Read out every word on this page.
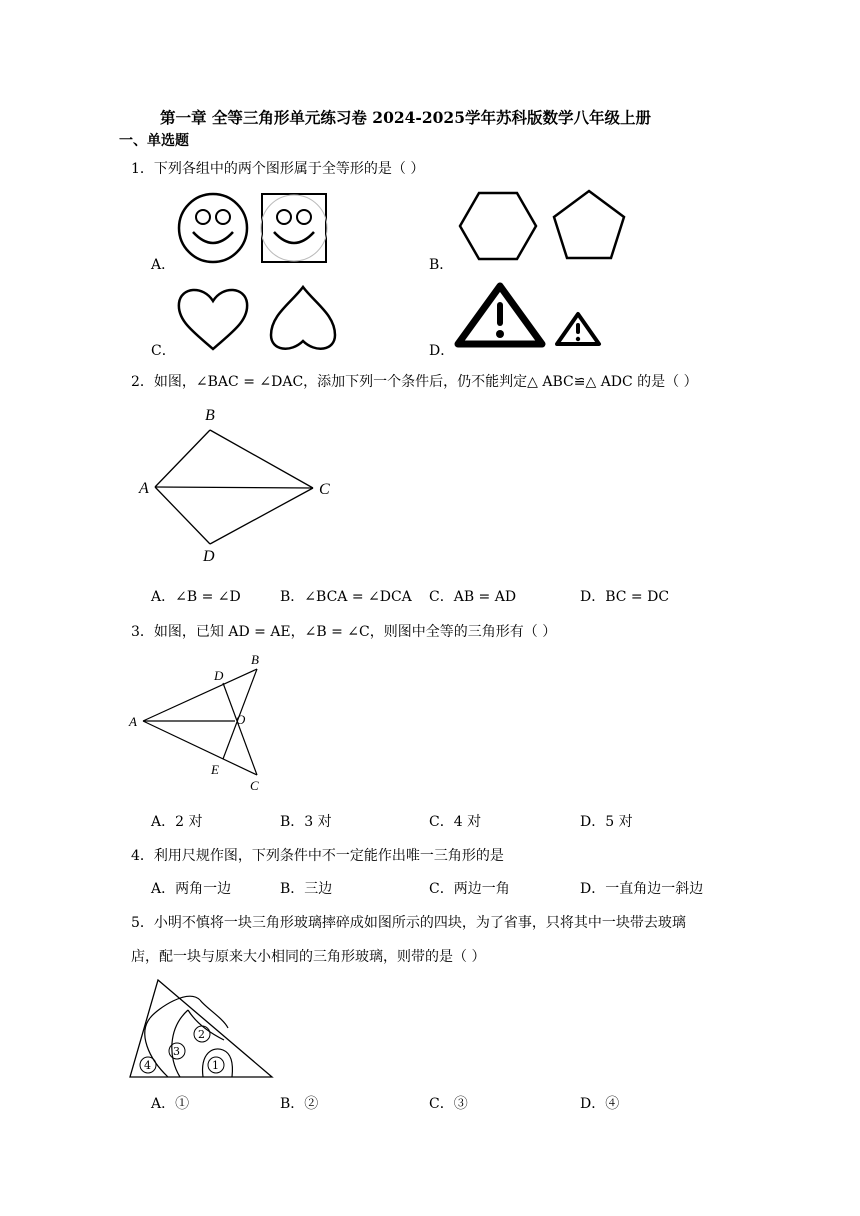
第一章 全等三角形单元练习卷 2024-2025学年苏科版数学八年级上册
一、单选题
1．下列各组中的两个图形属于全等形的是（ ）
A．	B．
C．	D．
2．如图，∠BAC = ∠DAC，添加下列一个条件后，仍不能判定△ ABC≌△ ADC 的是（ ）
B
A	C
D
A．∠B = ∠D	B．∠BCA = ∠DCA C．AB = AD	D．BC = DC
3．如图，已知 AD = AE，∠B = ∠C，则图中全等的三角形有（ ）
B
D
A	O
E
C
A．2 对	B．3 对	C．4 对	D．5 对
4．利用尺规作图，下列条件中不一定能作出唯一三角形的是
A．两角一边	B．三边	C．两边一角	D．一直角边一斜边
5．小明不慎将一块三角形玻璃摔碎成如图所示的四块，为了省事，只将其中一块带去玻璃
店，配一块与原来大小相同的三角形玻璃，则带的是（ ）
2
3
4	1
A．①	B．②	C．③	D．④
